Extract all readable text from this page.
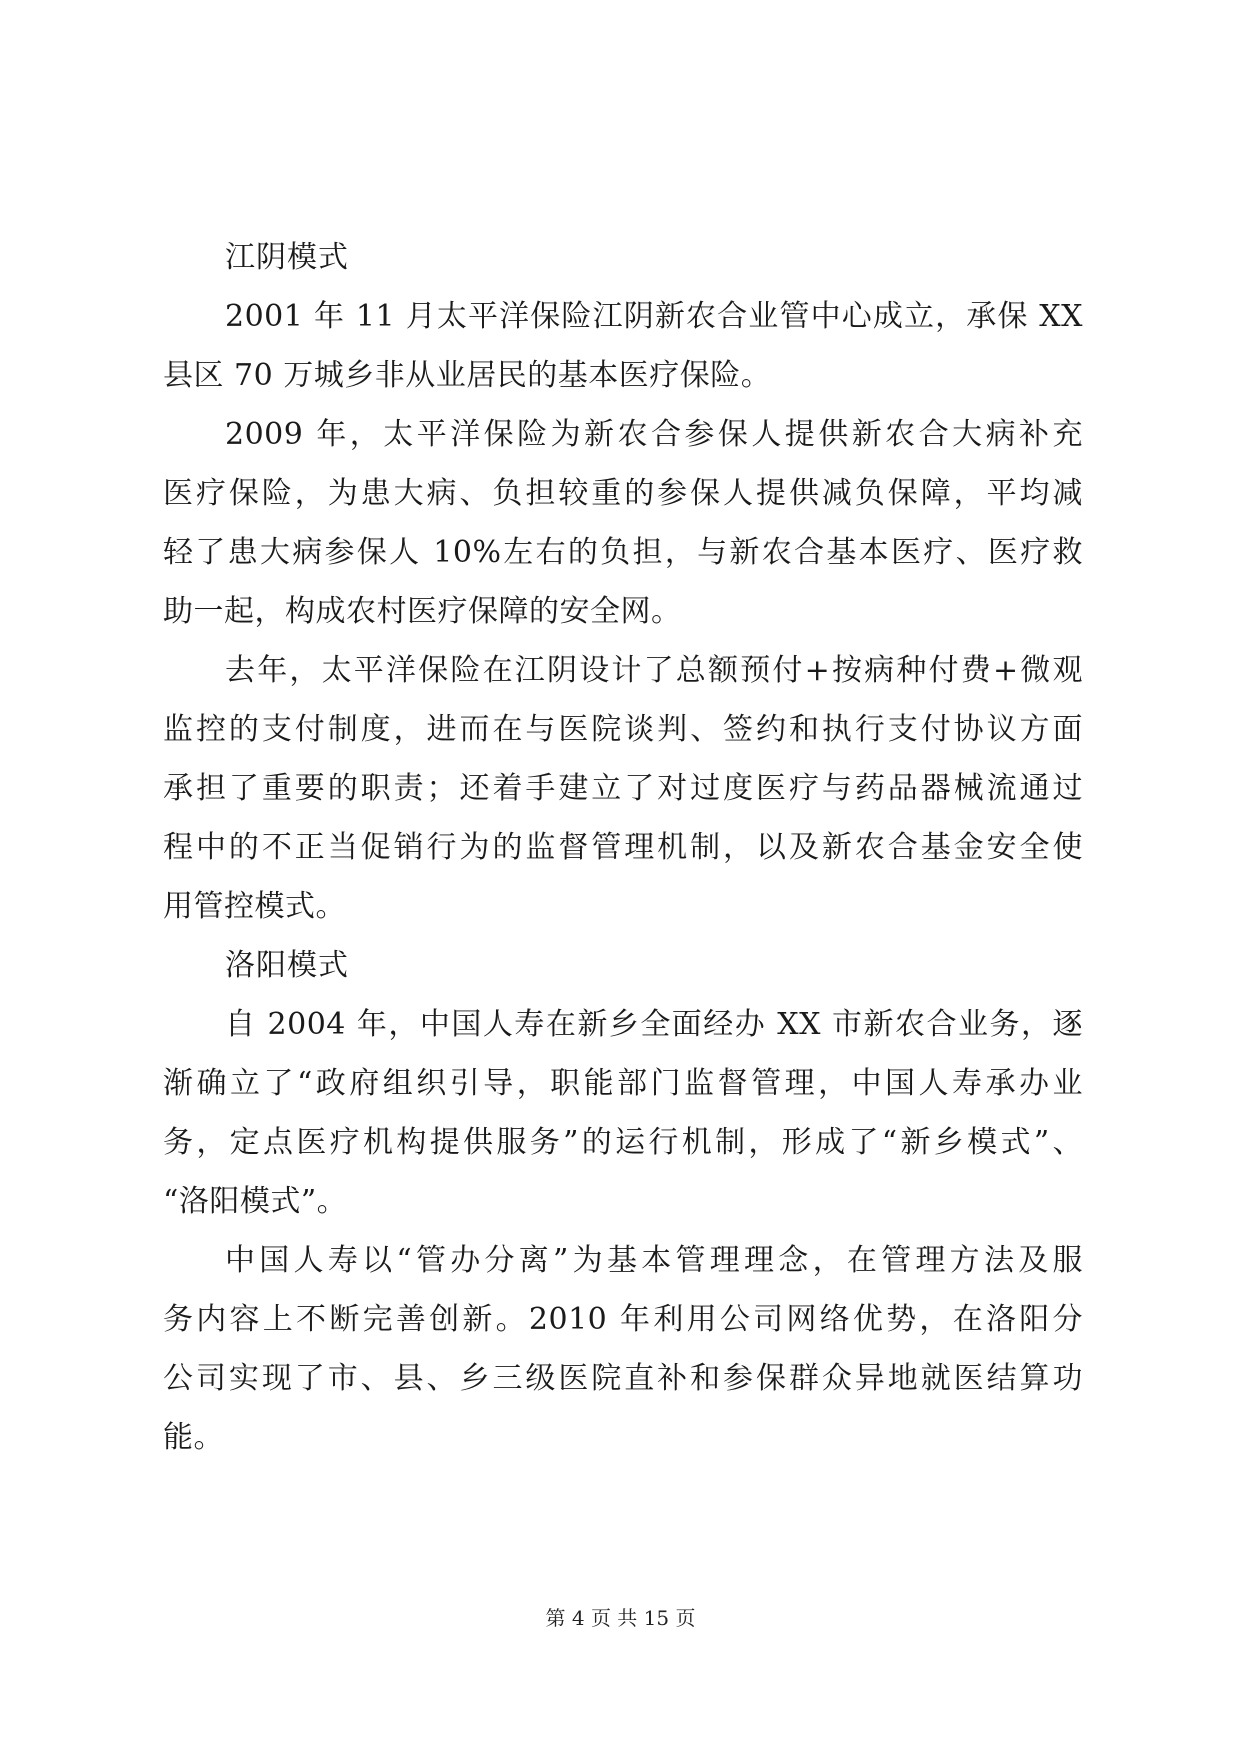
江阴模式
2001 年 11 月太平洋保险江阴新农合业管中心成立，承保 XX
县区 70 万城乡非从业居民的基本医疗保险。
2009 年，太平洋保险为新农合参保人提供新农合大病补充
医疗保险，为患大病、负担较重的参保人提供减负保障，平均减
轻了患大病参保人 10%左右的负担，与新农合基本医疗、医疗救
助一起，构成农村医疗保障的安全网。
去年，太平洋保险在江阴设计了总额预付+按病种付费+微观
监控的支付制度，进而在与医院谈判、签约和执行支付协议方面
承担了重要的职责；还着手建立了对过度医疗与药品器械流通过
程中的不正当促销行为的监督管理机制，以及新农合基金安全使
用管控模式。
洛阳模式
自 2004 年，中国人寿在新乡全面经办 XX 市新农合业务，逐
渐确立了“政府组织引导，职能部门监督管理，中国人寿承办业
务，定点医疗机构提供服务”的运行机制，形成了“新乡模式”、
“洛阳模式”。
中国人寿以“管办分离”为基本管理理念，在管理方法及服
务内容上不断完善创新。2010 年利用公司网络优势，在洛阳分
公司实现了市、县、乡三级医院直补和参保群众异地就医结算功
能。
第 4 页 共 15 页
